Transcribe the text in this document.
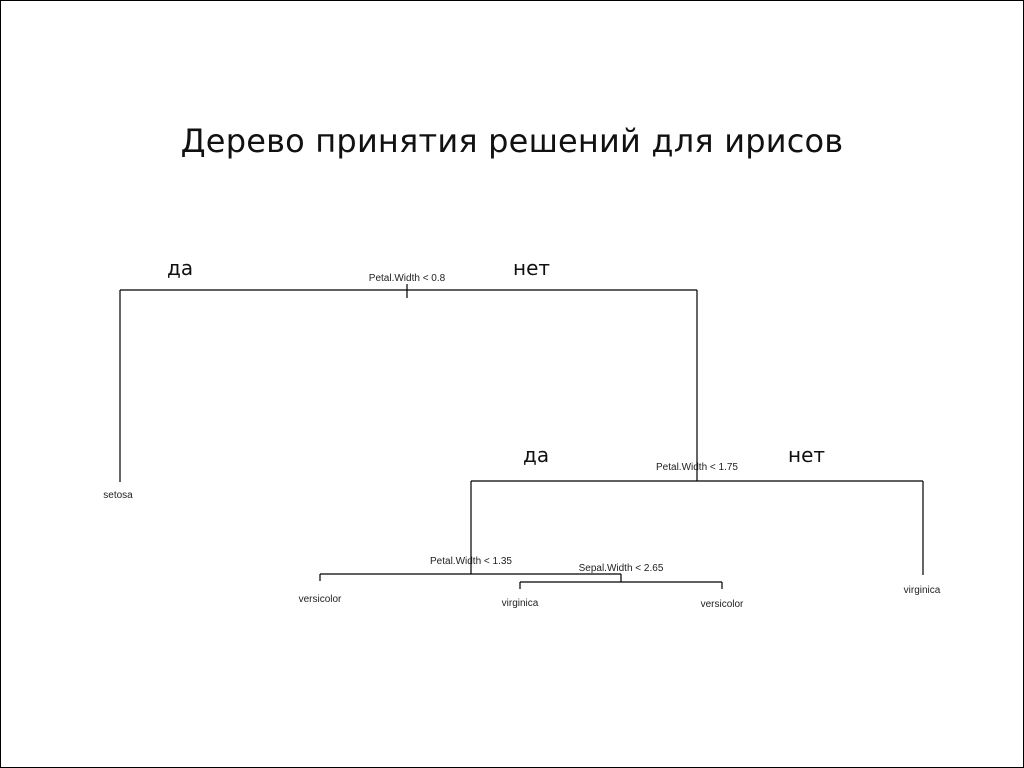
Дерево принятия решений для ирисов
Petal.Width < 0.8
setosa
Petal.Width < 1.75
virginica
Petal.Width < 1.35
versicolor
Sepal.Width < 2.65
virginica	versicolor
да	нет
да	нет
